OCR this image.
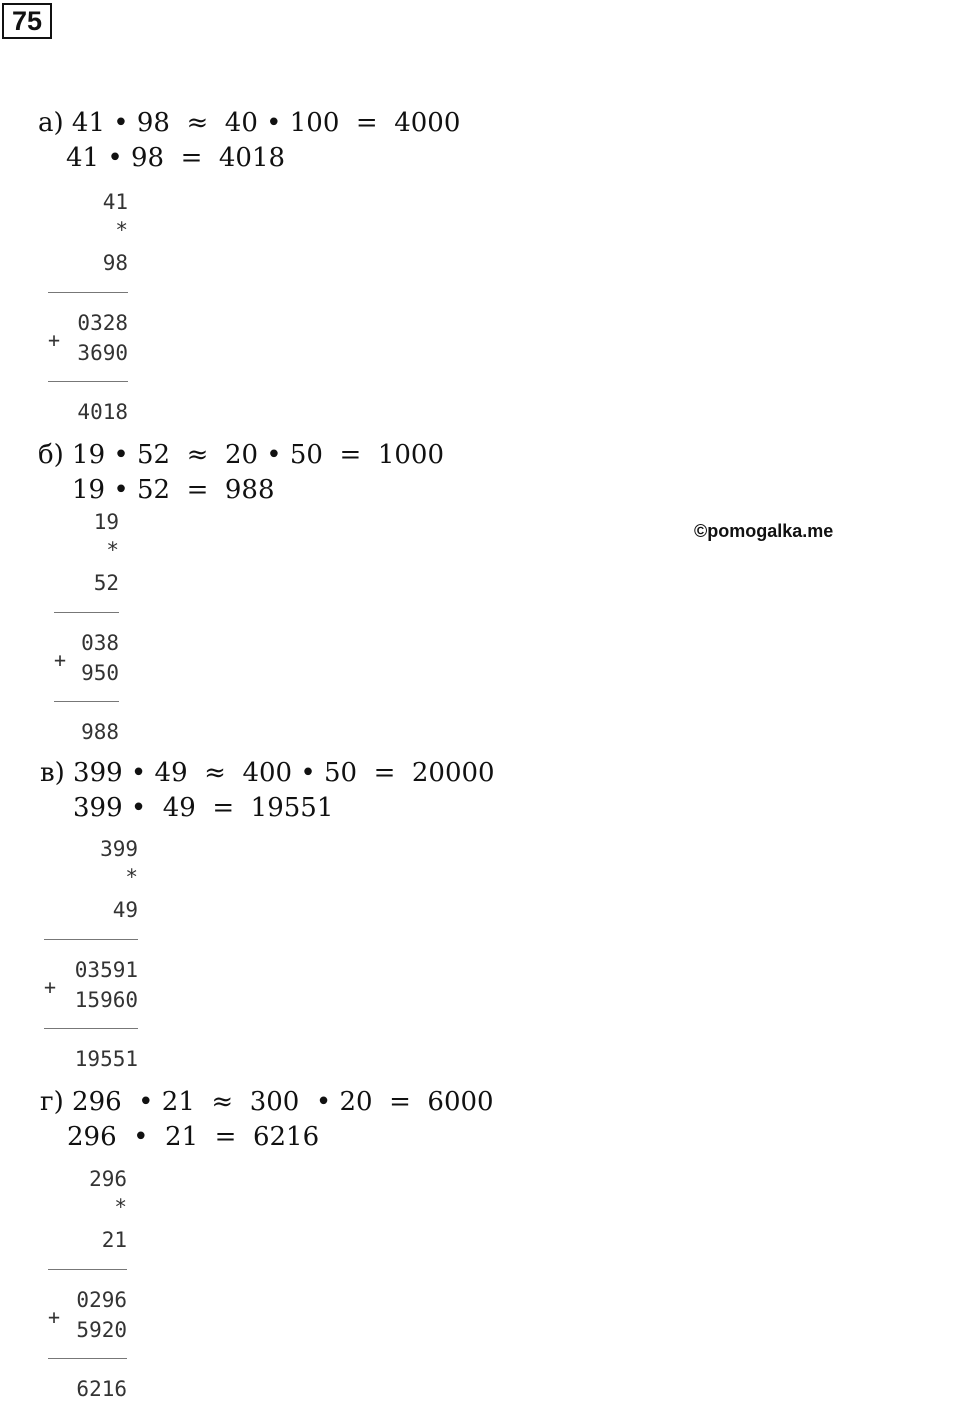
75
©pomogalka.me
а) 41 • 98  ≈  40 • 100  =  4000
41 • 98  =  4018
41
*
98
0328
+
3690
4018
б) 19 • 52  ≈  20 • 50  =  1000
19 • 52  =  988
19
*
52
038
+
950
988
в) 399 • 49  ≈  400 • 50  =  20000
399 •  49  =  19551
399
*
49
03591
+
15960
19551
г) 296  • 21  ≈  300  • 20  =  6000
296  •  21  =  6216
296
*
21
0296
+
5920
6216
